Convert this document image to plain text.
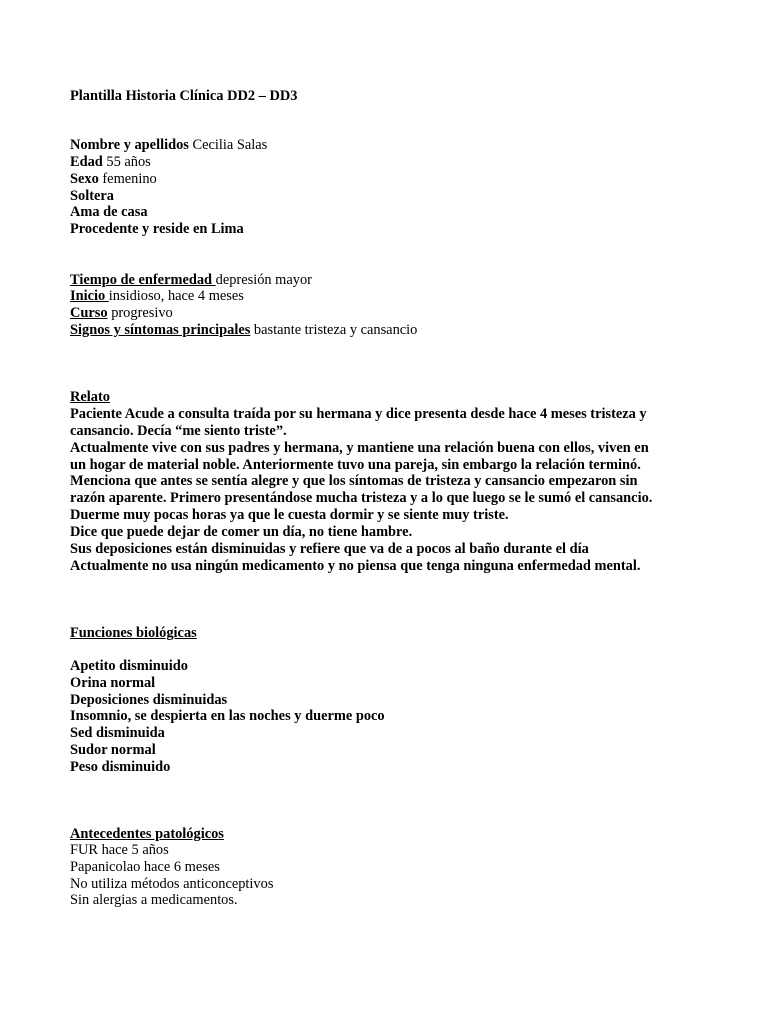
Plantilla Historia Clínica DD2 – DD3
Nombre y apellidos Cecilia Salas
Edad 55 años
Sexo femenino
Soltera
Ama de casa
Procedente y reside en Lima
Tiempo de enfermedad depresión mayor
Inicio insidioso, hace 4 meses
Curso progresivo
Signos y síntomas principales bastante tristeza y cansancio
Relato
Paciente Acude a consulta traída por su hermana y dice presenta desde hace 4 meses tristeza y
cansancio. Decía “me siento triste”.
Actualmente vive con sus padres y hermana, y mantiene una relación buena con ellos, viven en
un hogar de material noble. Anteriormente tuvo una pareja, sin embargo la relación terminó.
Menciona que antes se sentía alegre y que los síntomas de tristeza y cansancio empezaron sin
razón aparente. Primero presentándose mucha tristeza y a lo que luego se le sumó el cansancio.
Duerme muy pocas horas ya que le cuesta dormir y se siente muy triste.
Dice que puede dejar de comer un día, no tiene hambre.
Sus deposiciones están disminuidas y refiere que va de a pocos al baño durante el día
Actualmente no usa ningún medicamento y no piensa que tenga ninguna enfermedad mental.
Funciones biológicas
Apetito disminuido
Orina normal
Deposiciones disminuidas
Insomnio, se despierta en las noches y duerme poco
Sed disminuida
Sudor normal
Peso disminuido
Antecedentes patológicos
FUR hace 5 años
Papanicolao hace 6 meses
No utiliza métodos anticonceptivos
Sin alergias a medicamentos.
